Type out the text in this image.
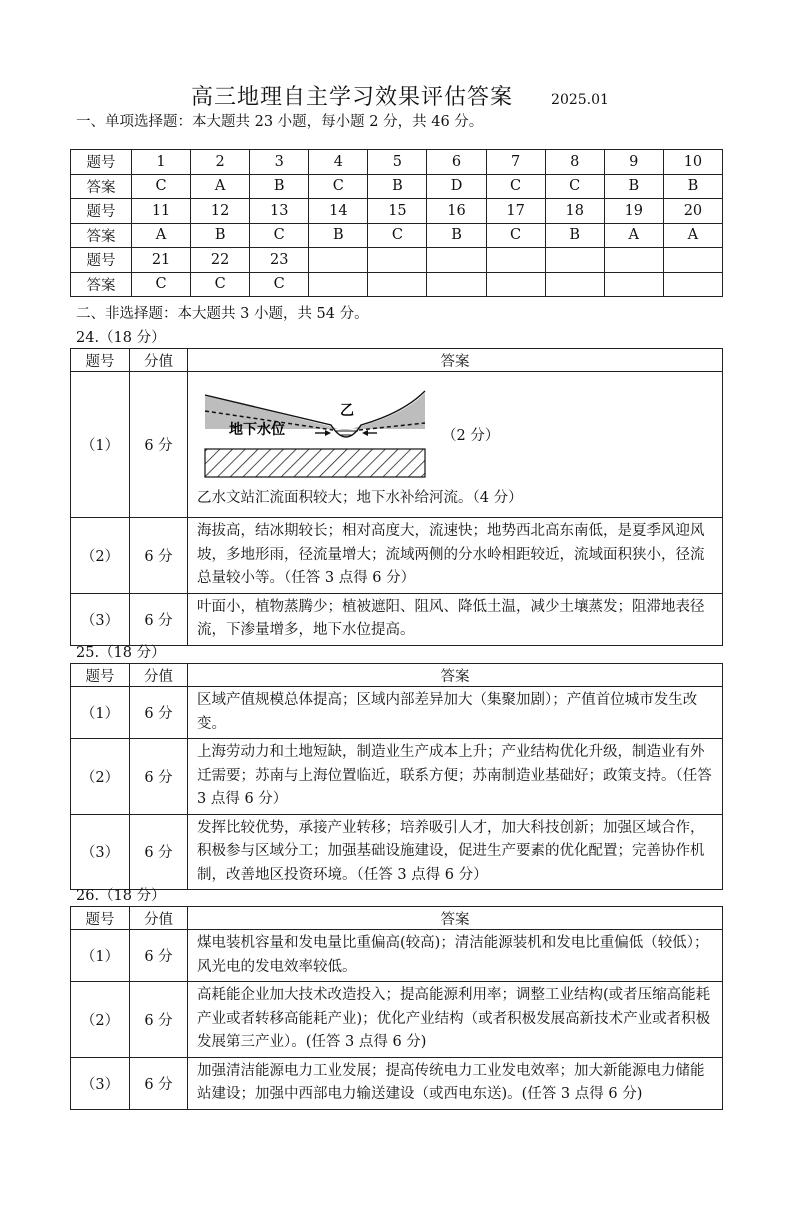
高三地理自主学习效果评估答案	2025.01
一、单项选择题：本大题共 23 小题，每小题 2 分，共 46 分。
题号	1	2	3	4	5	6	7	8	9	10
答案	C	A	B	C	B	D	C	C	B	B
题号	11	12	13	14	15	16	17	18	19	20
答案	A	B	C	B	C	B	C	B	A	A
题号	21	22	23							
答案	C	C	C							
二、非选择题：本大题共 3 小题，共 54 分。
24.（18 分）
题号	分值	答案
（1）	6 分	乙
地下水位 （2 分）
乙水文站汇流面积较大；地下水补给河流。（4 分）

（2）	6 分	海拔高，结冰期较长；相对高度大，流速快；地势西北高东南低，是夏季风迎风坡，多地形雨，径流量增大；流域两侧的分水岭相距较近，流域面积狭小，径流总量较小等。（任答 3 点得 6 分）
（3）	6 分	叶面小，植物蒸腾少；植被遮阳、阻风、降低土温，减少土壤蒸发；阻滞地表径流，下渗量增多，地下水位提高。
25.（18 分）
题号	分值	答案
（1）	6 分	区域产值规模总体提高；区域内部差异加大（集聚加剧）；产值首位城市发生改变。
（2）	6 分	上海劳动力和土地短缺，制造业生产成本上升；产业结构优化升级，制造业有外迁需要；苏南与上海位置临近，联系方便；苏南制造业基础好；政策支持。（任答 3 点得 6 分）
（3）	6 分	发挥比较优势，承接产业转移；培养吸引人才，加大科技创新；加强区域合作，积极参与区域分工；加强基础设施建设，促进生产要素的优化配置；完善协作机制，改善地区投资环境。（任答 3 点得 6 分）
26.（18 分）
题号	分值	答案
（1）	6 分	煤电装机容量和发电量比重偏高(较高)；清洁能源装机和发电比重偏低（较低）；风光电的发电效率较低。
（2）	6 分	高耗能企业加大技术改造投入；提高能源利用率；调整工业结构(或者压缩高能耗产业或者转移高能耗产业)；优化产业结构（或者积极发展高新技术产业或者积极发展第三产业）。(任答 3 点得 6 分)
（3）	6 分	加强清洁能源电力工业发展；提高传统电力工业发电效率；加大新能源电力储能站建设；加强中西部电力输送建设（或西电东送)。(任答 3 点得 6 分)
